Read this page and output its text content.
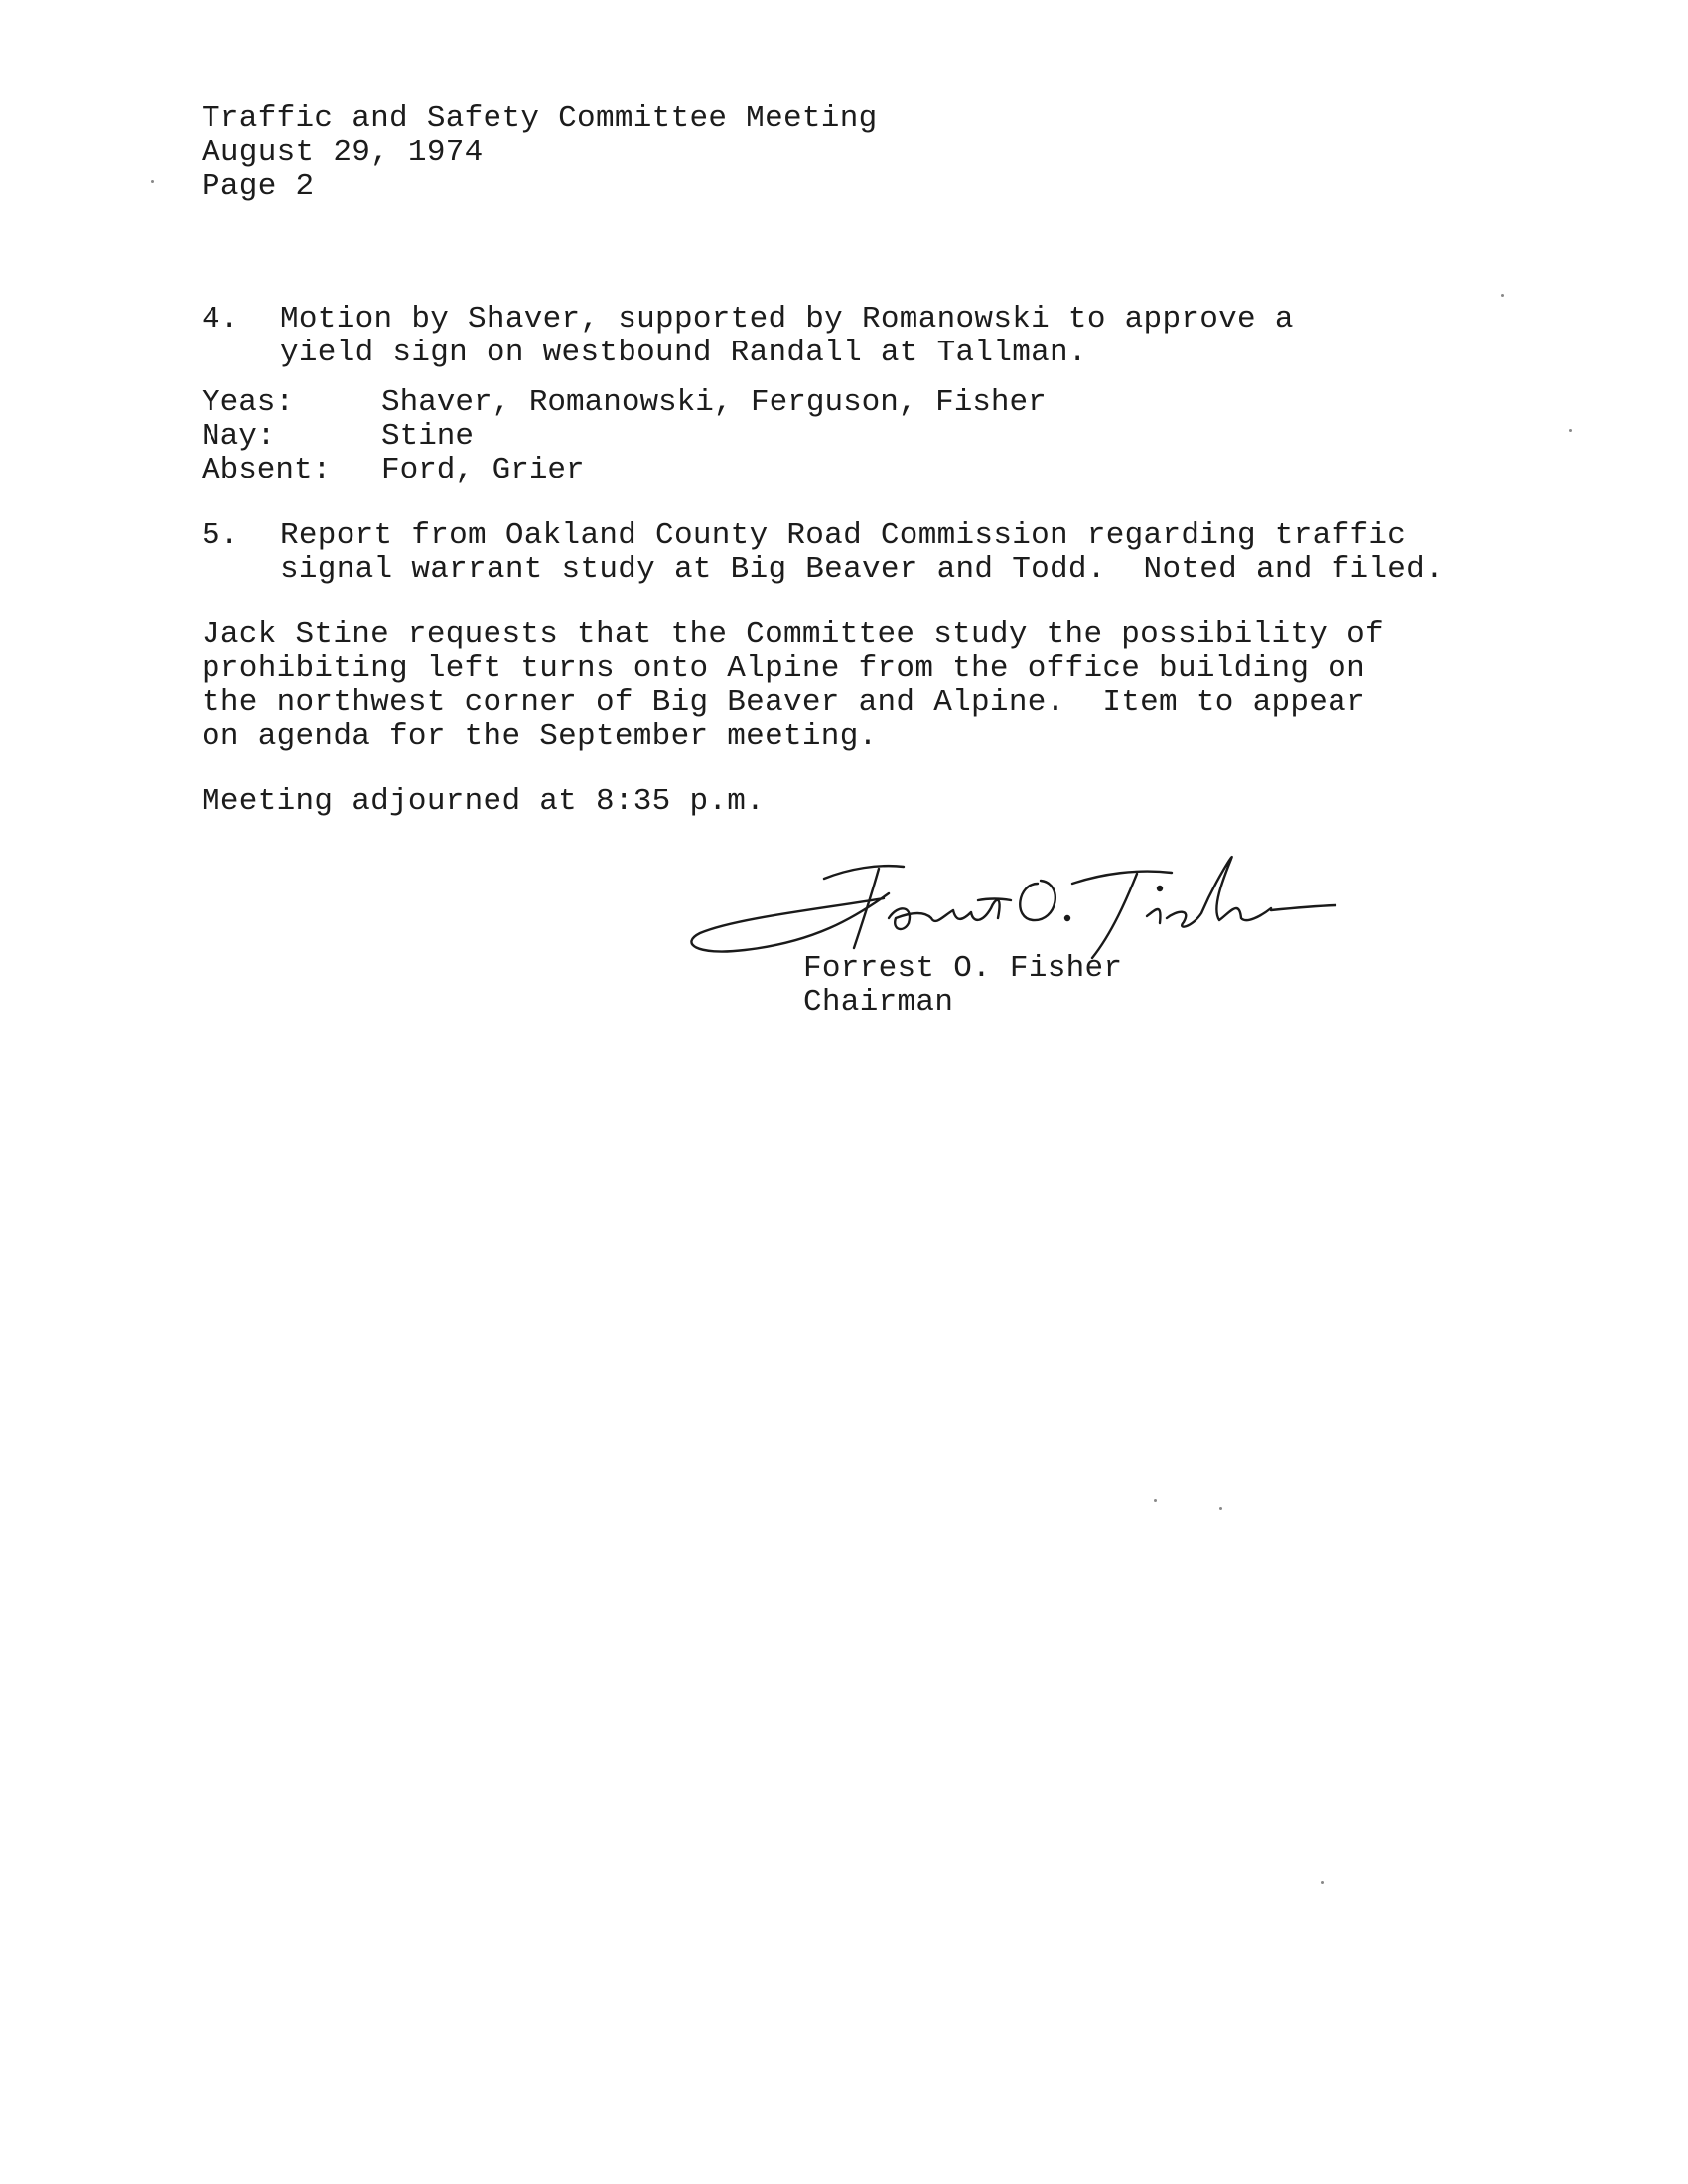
Traffic and Safety Committee Meeting
August 29, 1974
Page 2
4. Motion by Shaver, supported by Romanowski to approve a
yield sign on westbound Randall at Tallman.
Yeas:	Shaver, Romanowski, Ferguson, Fisher
Nay:	Stine
Absent: Ford, Grier
5. Report from Oakland County Road Commission regarding traffic
signal warrant study at Big Beaver and Todd.  Noted and filed.
Jack Stine requests that the Committee study the possibility of
prohibiting left turns onto Alpine from the office building on
the northwest corner of Big Beaver and Alpine.  Item to appear
on agenda for the September meeting.
Meeting adjourned at 8:35 p.m.
Forrest O. Fisher
Forrest O. Fisher
Chairman
